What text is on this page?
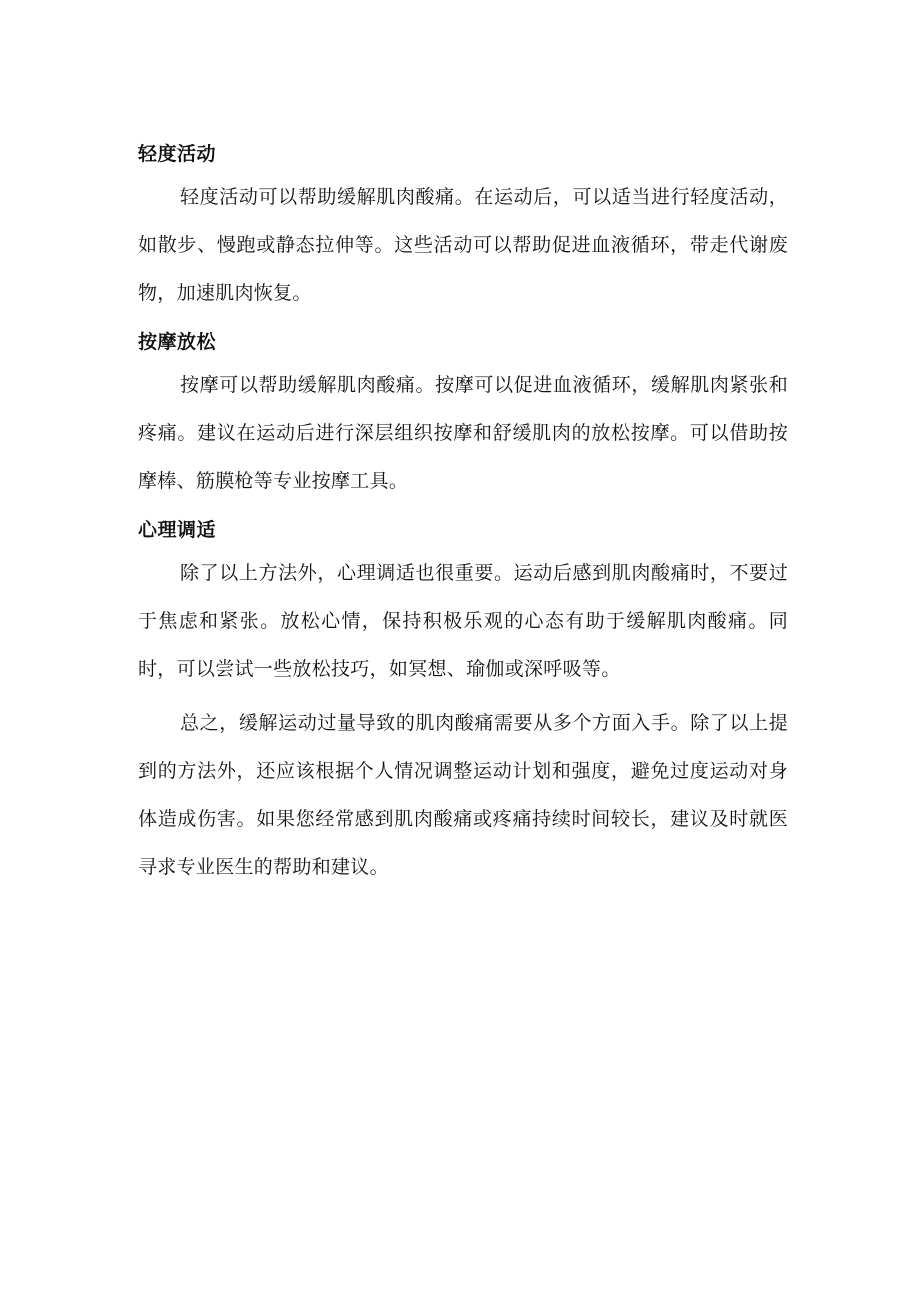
轻度活动

轻度活动可以帮助缓解肌肉酸痛。在运动后，可以适当进行轻度活动，如散步、慢跑或静态拉伸等。这些活动可以帮助促进血液循环，带走代谢废物，加速肌肉恢复。

按摩放松

按摩可以帮助缓解肌肉酸痛。按摩可以促进血液循环，缓解肌肉紧张和疼痛。建议在运动后进行深层组织按摩和舒缓肌肉的放松按摩。可以借助按摩棒、筋膜枪等专业按摩工具。

心理调适

除了以上方法外，心理调适也很重要。运动后感到肌肉酸痛时，不要过于焦虑和紧张。放松心情，保持积极乐观的心态有助于缓解肌肉酸痛。同时，可以尝试一些放松技巧，如冥想、瑜伽或深呼吸等。

总之，缓解运动过量导致的肌肉酸痛需要从多个方面入手。除了以上提到的方法外，还应该根据个人情况调整运动计划和强度，避免过度运动对身体造成伤害。如果您经常感到肌肉酸痛或疼痛持续时间较长，建议及时就医寻求专业医生的帮助和建议。
